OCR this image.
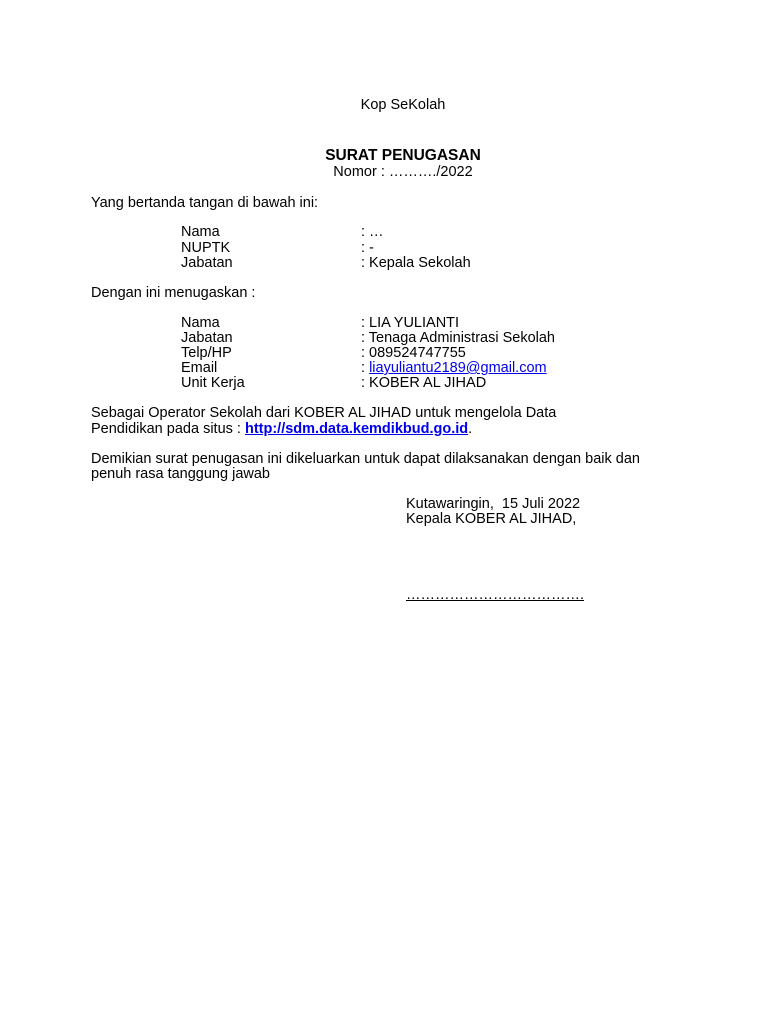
Kop SeKolah
SURAT PENUGASAN
Nomor : ………./2022
Yang bertanda tangan di bawah ini:
Nama	: …
NUPTK	: -
Jabatan	: Kepala Sekolah
Dengan ini menugaskan :
Nama	: LIA YULIANTI
Jabatan	: Tenaga Administrasi Sekolah
Telp/HP	: 089524747755
Email	: liayuliantu2189@gmail.com
Unit Kerja	: KOBER AL JIHAD
Sebagai Operator Sekolah dari KOBER AL JIHAD untuk mengelola Data
Pendidikan pada situs : http://sdm.data.kemdikbud.go.id.
Demikian surat penugasan ini dikeluarkan untuk dapat dilaksanakan dengan baik dan
penuh rasa tanggung jawab
Kutawaringin,  15 Juli 2022
Kepala KOBER AL JIHAD,
……………………………….
